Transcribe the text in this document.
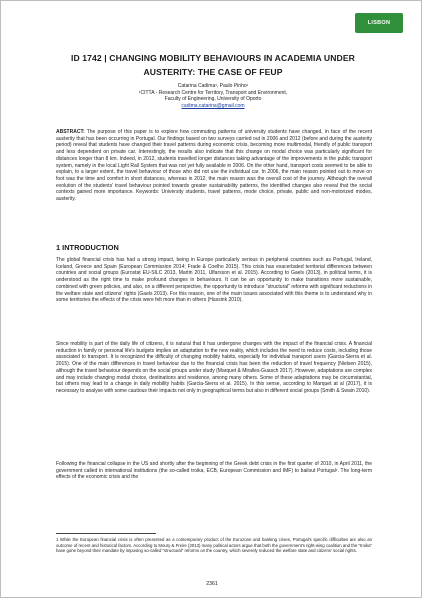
LISBON
ID 1742 | CHANGING MOBILITY BEHAVIOURS IN ACADEMIA UNDER
AUSTERITY: THE CASE OF FEUP
Catarina Cadima¹, Paulo Pinho¹
¹CITTA - Research Centre for Territory, Transport and Environment,
Faculty of Engineering, University of Oporto
cadima.catarina@gmail.com
ABSTRACT: The purpose of this paper is to explore how commuting patterns of university students have changed, in face of the recent austerity that has been occurring in Portugal. Our findings based on two surveys carried out in 2006 and 2012 (before and during the austerity period) reveal that students have changed their travel patterns during economic crisis, becoming more multimodal, friendly of public transport and less dependent on private car. Interestingly, the results also indicate that this change on modal choice was particularly significant for distances longer than 8 km. Indeed, in 2012, students travelled longer distances taking advantage of the improvements in the public transport system, namely in the local Light Rail System that was not yet fully available in 2006. On the other hand, transport costs seemed to be able to explain, to a larger extent, the travel behaviour of those who did not use the individual car. In 2006, the main reason pointed out to move on foot was the time and comfort in short distances, whereas in 2012, the main reason was the overall cost of the journey. Although the overall evolution of the students' travel behaviour pointed towards greater sustainability patterns, the identified changes also reveal that the social contexts gained more importance. Keywords: University students, travel patterns, mode choice, private, public and non-motorized modes, austerity.
1 INTRODUCTION
The global financial crisis has had a strong impact, being in Europe particularly serious in peripheral countries such as Portugal, Ireland, Iceland, Greece and Spain (European Commission 2014; Frade & Coelho 2015). This crisis has exacerbated territorial differences between countries and social groups (Eurostat EU-SILC 2013, Martin 2011, Ulfarsson et al. 2015). According to Gaels (2013), in political terms, it is understood as the right time to make profound changes in behaviours. It can be an opportunity to make transitions more sustainable, combined with green policies, and also, on a different perspective, the opportunity to introduce "structural" reforms with significant reductions in the welfare state and citizens' rights (Gaels 2013). For this reason, one of the main issues associated with this theme is to understand why in some territories the effects of the crisis were felt more than in others (Hassink 2010).
Since mobility is part of the daily life of citizens, it is natural that it has undergone changes with the impact of the financial crisis. A financial reduction in family or personal life's budgets implies an adaptation to the new reality, which includes the need to reduce costs, including those associated to transport. It is recognized the difficulty of changing mobility habits, especially for individual transport users (Garcia-Sierra et al. 2015). One of the main differences in travel behaviour due to the financial crisis has been the reduction of travel frequency (Nielsen 2015), although the travel behaviour depends on the social groups under study (Marquet & Miralles-Guasch 2017). However, adaptations are complex and may include changing modal choice, destinations and residence, among many others. Some of these adaptations may be circumstantial, but others may lead to a change in daily mobility habits (Garcia-Sierra et al. 2015). In this sense, according to Marquet at al (2017), it is necessary to analyse with some cautious their impacts not only in geographical terms but also in different social groups (Smith & Swain 2010).
Following the financial collapse in the US and shortly after the beginning of the Greek debt crisis in the first quarter of 2010, in April 2011, the government called in international institutions (the so-called troika, ECB, European Commission and IMF) to bailout Portugal¹. The long-term effects of the economic crisis and the
1 While the European financial crisis is often presented as a contemporary product of the Eurozone and banking crises, Portugal's specific difficulties are also an outcome of recent and historical factors. According to Moury & Freire (2013) many political actors argue that both the government's right-wing coalition and the "troika" have gone beyond their mandate by imposing so-called "structural" reforms on the country, which severely reduced the welfare state and citizens' social rights.
2361
